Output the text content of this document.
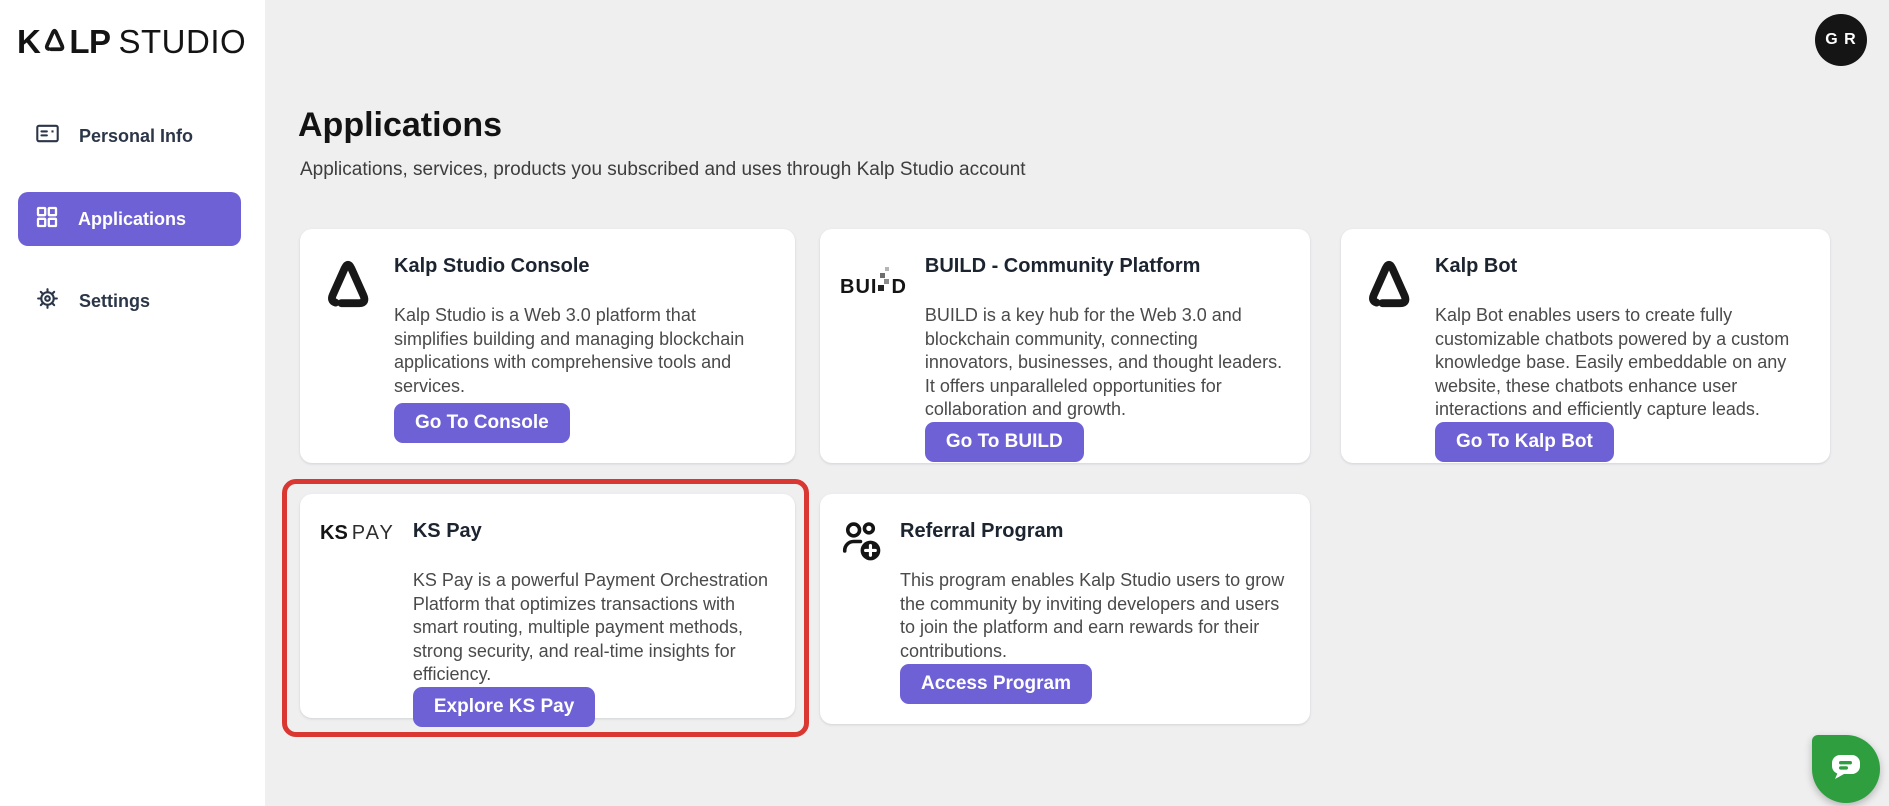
K LP STUDIO
Personal Info
Applications
Settings
Applications
Applications, services, products you subscribed and uses through Kalp Studio account
G R
Kalp Studio Console
Kalp Studio is a Web 3.0 platform that simplifies building and managing blockchain applications with comprehensive tools and services.
Go To Console
BUI D
BUILD - Community Platform
BUILD is a key hub for the Web 3.0 and blockchain community, connecting innovators, businesses, and thought leaders. It offers unparalleled opportunities for collaboration and growth.
Go To BUILD
Kalp Bot
Kalp Bot enables users to create fully customizable chatbots powered by a custom knowledge base. Easily embeddable on any website, these chatbots enhance user interactions and efficiently capture leads.
Go To Kalp Bot
KS PAY KS Pay
KS Pay is a powerful Payment Orchestration Platform that optimizes transactions with smart routing, multiple payment methods, strong security, and real-time insights for efficiency.
Explore KS Pay
Referral Program
This program enables Kalp Studio users to grow the community by inviting developers and users to join the platform and earn rewards for their contributions.
Access Program
